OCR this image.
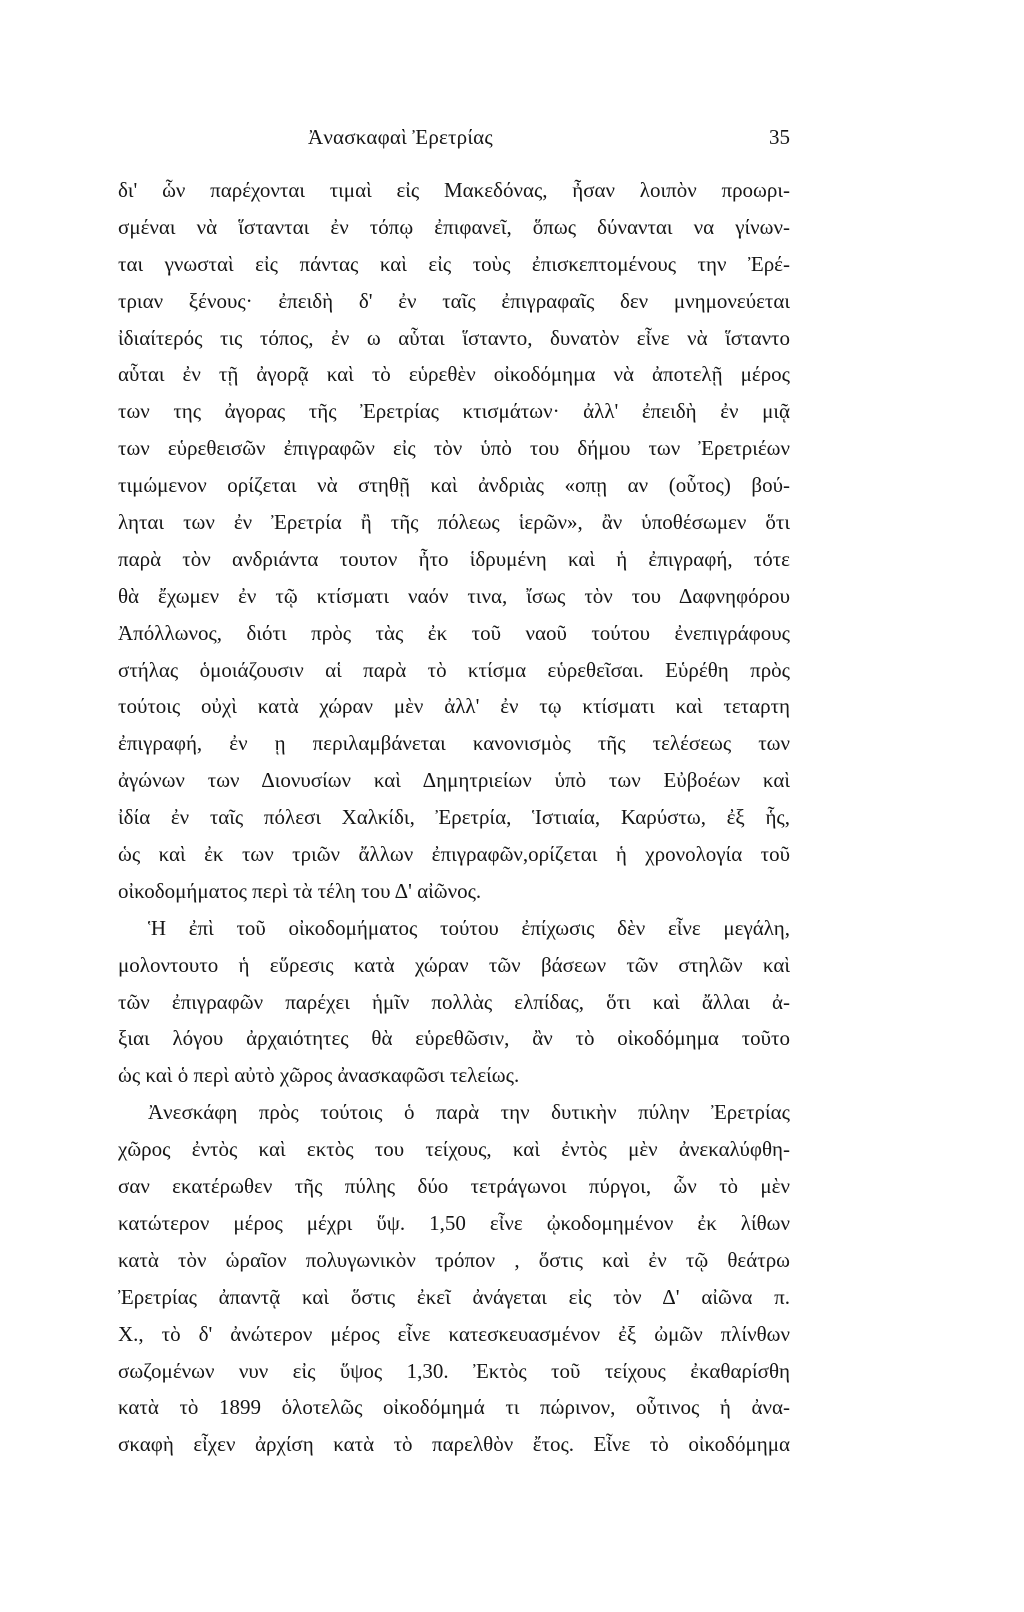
Ἀνασκαφαὶ Ἐρετρίας	35
δι' ὧν παρέχονται τιμαὶ εἰς Μακεδόνας, ἦσαν λοιπὸν προωρι-
σμέναι νὰ ἵστανται ἐν τόπῳ ἐπιφανεῖ, ὅπως δύνανται να γίνων-
ται γνωσταὶ εἰς πάντας καὶ εἰς τοὺς ἐπισκεπτομένους την Ἐρέ-
τριαν ξένους· ἐπειδὴ δ' ἐν ταῖς ἐπιγραφαῖς δεν μνημονεύεται
ἰδιαίτερός τις τόπος, ἐν ω αὗται ἵσταντο, δυνατὸν εἶνε νὰ ἵσταντο
αὗται ἐν τῇ ἀγορᾷ καὶ τὸ εὑρεθὲν οἰκοδόμημα νὰ ἀποτελῇ μέρος
των της ἀγορας τῆς Ἐρετρίας κτισμάτων· ἀλλ' ἐπειδὴ ἐν μιᾷ
των εὑρεθεισῶν ἐπιγραφῶν εἰς τὸν ὑπὸ του δήμου των Ἐρετριέων
τιμώμενον ορίζεται νὰ στηθῇ καὶ ἀνδριὰς «οπῃ αν (οὗτος) βού-
ληται των ἐν Ἐρετρία ἢ τῆς πόλεως ἱερῶν», ἂν ὑποθέσωμεν ὅτι
παρὰ τὸν ανδριάντα τουτον ἦτο ἱδρυμένη καὶ ἡ ἐπιγραφή, τότε
θὰ ἔχωμεν ἐν τῷ κτίσματι ναόν τινα, ἴσως τὸν του Δαφνηφόρου
Ἀπόλλωνος, διότι πρὸς τὰς ἐκ τοῦ ναοῦ τούτου ἐνεπιγράφους
στήλας ὁμοιάζουσιν αἱ παρὰ τὸ κτίσμα εὑρεθεῖσαι. Εὑρέθη πρὸς
τούτοις οὐχὶ κατὰ χώραν μὲν ἀλλ' ἐν τῳ κτίσματι καὶ τεταρτη
ἐπιγραφή, ἐν ῃ περιλαμβάνεται κανονισμὸς τῆς τελέσεως των
ἀγώνων των Διονυσίων καὶ Δημητριείων ὑπὸ των Εὐβοέων καὶ
ἰδία ἐν ταῖς πόλεσι Χαλκίδι, Ἐρετρία, Ἱστιαία, Καρύστω, ἐξ ἧς,
ὡς καὶ ἐκ των τριῶν ἄλλων ἐπιγραφῶν,ορίζεται ἡ χρονολογία τοῦ
οἰκοδομήματος περὶ τὰ τέλη του Δ' αἰῶνος.
Ἡ ἐπὶ τοῦ οἰκοδομήματος τούτου ἐπίχωσις δὲν εἶνε μεγάλη,
μολοντουτο ἡ εὕρεσις κατὰ χώραν τῶν βάσεων τῶν στηλῶν καὶ
τῶν ἐπιγραφῶν παρέχει ἡμῖν πολλὰς ελπίδας, ὅτι καὶ ἄλλαι ἀ-
ξιαι λόγου ἀρχαιότητες θὰ εὑρεθῶσιν, ἂν τὸ οἰκοδόμημα τοῦτο
ὡς καὶ ὁ περὶ αὐτὸ χῶρος ἀνασκαφῶσι τελείως.
Ἀνεσκάφη πρὸς τούτοις ὁ παρὰ την δυτικὴν πύλην Ἐρετρίας
χῶρος ἐντὸς καὶ εκτὸς του τείχους, καὶ ἐντὸς μὲν ἀνεκαλύφθη-
σαν εκατέρωθεν τῆς πύλης δύο τετράγωνοι πύργοι, ὧν τὸ μὲν
κατώτερον μέρος μέχρι ὕψ. 1,50 εἶνε ᾠκοδομημένον ἐκ λίθων
κατὰ τὸν ὡραῖον πολυγωνικὸν τρόπον , ὅστις καὶ ἐν τῷ θεάτρω
Ἐρετρίας ἀπαντᾷ καὶ ὅστις ἐκεῖ ἀνάγεται εἰς τὸν Δ' αἰῶνα π.
Χ., τὸ δ' ἀνώτερον μέρος εἶνε κατεσκευασμένον ἐξ ὠμῶν πλίνθων
σωζομένων νυν εἰς ὕψος 1,30. Ἐκτὸς τοῦ τείχους ἐκαθαρίσθη
κατὰ τὸ 1899 ὁλοτελῶς οἰκοδόμημά τι πώρινον, οὗτινος ἡ ἀνα-
σκαφὴ εἶχεν ἀρχίση κατὰ τὸ παρελθὸν ἔτος. Εἶνε τὸ οἰκοδόμημα
